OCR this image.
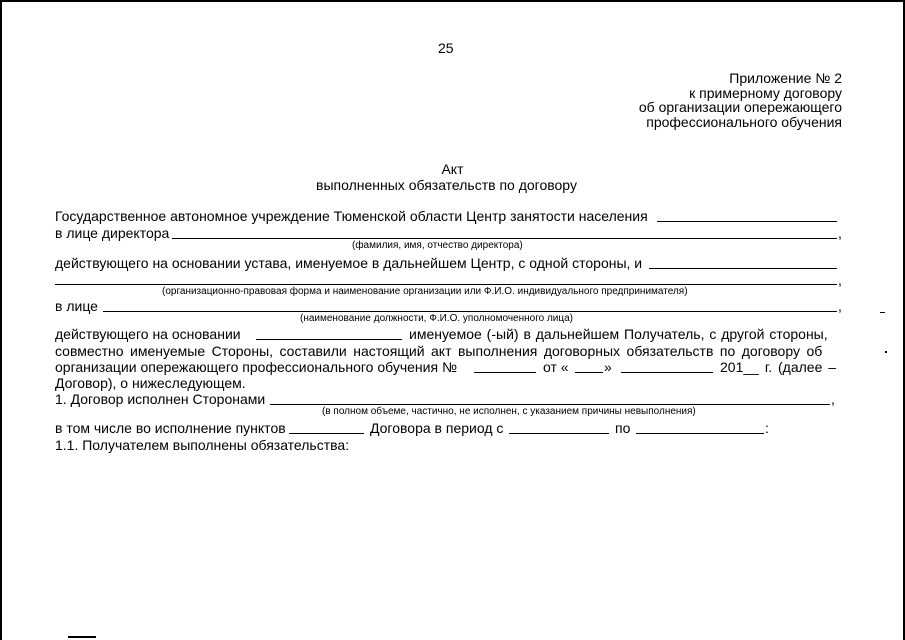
25
Приложение № 2
к примерному договору
об организации опережающего
профессионального обучения
Акт
выполненных обязательств по договору
Государственное автономное учреждение Тюменской области Центр занятости населения
в лице директора	,
(фамилия, имя, отчество директора)
действующего на основании устава, именуемое в дальнейшем Центр, с одной стороны, и
,
(организационно-правовая форма и наименование организации или Ф.И.О. индивидуального предпринимателя)
в лице	,
(наименование должности, Ф.И.О. уполномоченного лица)
действующего на основании	именуемое (-ый) в дальнейшем Получатель, с другой стороны,
совместно именуемые Стороны, составили настоящий акт выполнения договорных обязательств по договору об
организации опережающего профессионального обучения №	от «	»	201__ г. (далее –
Договор), о нижеследующем.
1. Договор исполнен Сторонами	,
(в полном объеме, частично, не исполнен, с указанием причины невыполнения)
в том числе во исполнение пунктов	Договора в период с	по	:
1.1. Получателем выполнены обязательства:
